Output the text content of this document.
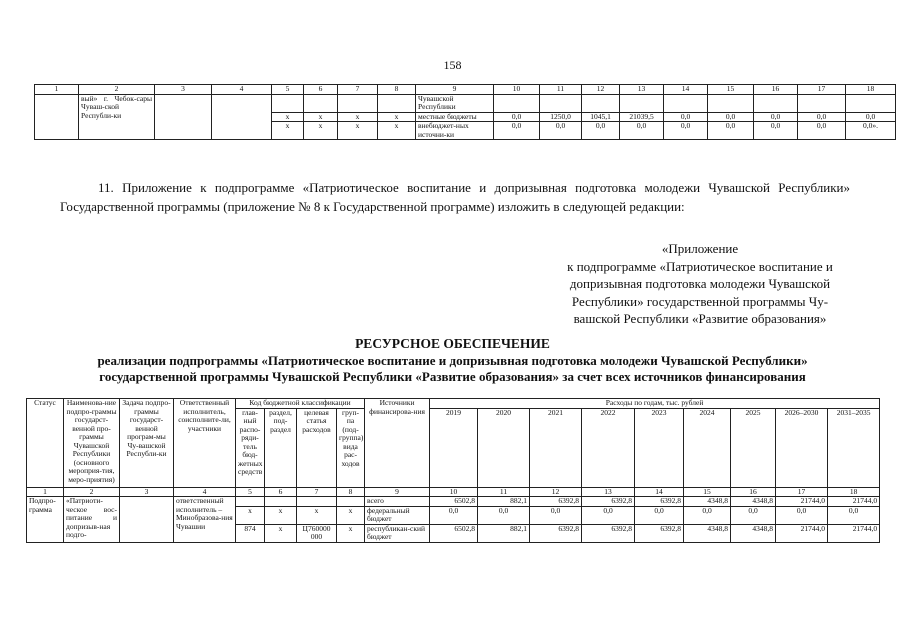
158
1	2	3	4	5	6	7	8	9	10	11	12	13	14	15	16	17	18
	вый» г. Чебок-сары Чуваш-ской Республи-ки							Чувашской Республики									
				x	x	x	x	местные бюджеты	0,0	1250,0	1045,1	21039,5	0,0	0,0	0,0	0,0	0,0
				x	x	x	x	внебюджет-ных источни-ки	0,0	0,0	0,0	0,0	0,0	0,0	0,0	0,0	0,0».
11. Приложение к подпрограмме «Патриотическое воспитание и допризывная подготовка молодежи Чувашской Республики» Государственной программы (приложение № 8 к Государственной программе) изложить в следующей редакции:
«Приложение
к подпрограмме «Патриотическое воспитание и
допризывная подготовка молодежи Чувашской
Республики» государственной программы Чу-
вашской Республики «Развитие образования»
РЕСУРСНОЕ ОБЕСПЕЧЕНИЕ
реализации подпрограммы «Патриотическое воспитание и допризывная подготовка молодежи Чувашской Республики»
государственной программы Чувашской Республики «Развитие образования» за счет всех источников финансирования
Статус	Наименова-ние подпро-граммы государст-венной про-граммы Чувашской Республики (основного мероприя-тия, меро-приятия)	Задача подпро-граммы государст-венной програм-мы Чу-вашской Республи-ки	Ответственный исполнитель, соисполните-ли, участники	Код бюджетной классификации				Источники финансирова-ния	Расходы по годам, тыс. рублей								
				глав-ный распо-ряди-тель бюд-жетных средств	раздел, под-раздел	целевая статья расходов	груп-па (под-группа) вида рас-ходов		2019	2020	2021	2022	2023	2024	2025	2026–2030	2031–2035

1	2	3	4	5	6	7	8	9	10	11	12	13	14	15	16	17	18
Подпро-грамма	«Патриоти-ческое вос-питание и допризыв-ная подго-		ответственный исполнитель – Минобразова-ния Чувашии					всего	6502,8	882,1	6392,8	6392,8	6392,8	4348,8	4348,8	21744,0	21744,0
				x	x	x	x	федеральный бюджет	0,0	0,0	0,0	0,0	0,0	0,0	0,0	0,0	0,0
				874	x	Ц760000 000	x	республикан-ский бюджет	6502,8	882,1	6392,8	6392,8	6392,8	4348,8	4348,8	21744,0	21744,0
